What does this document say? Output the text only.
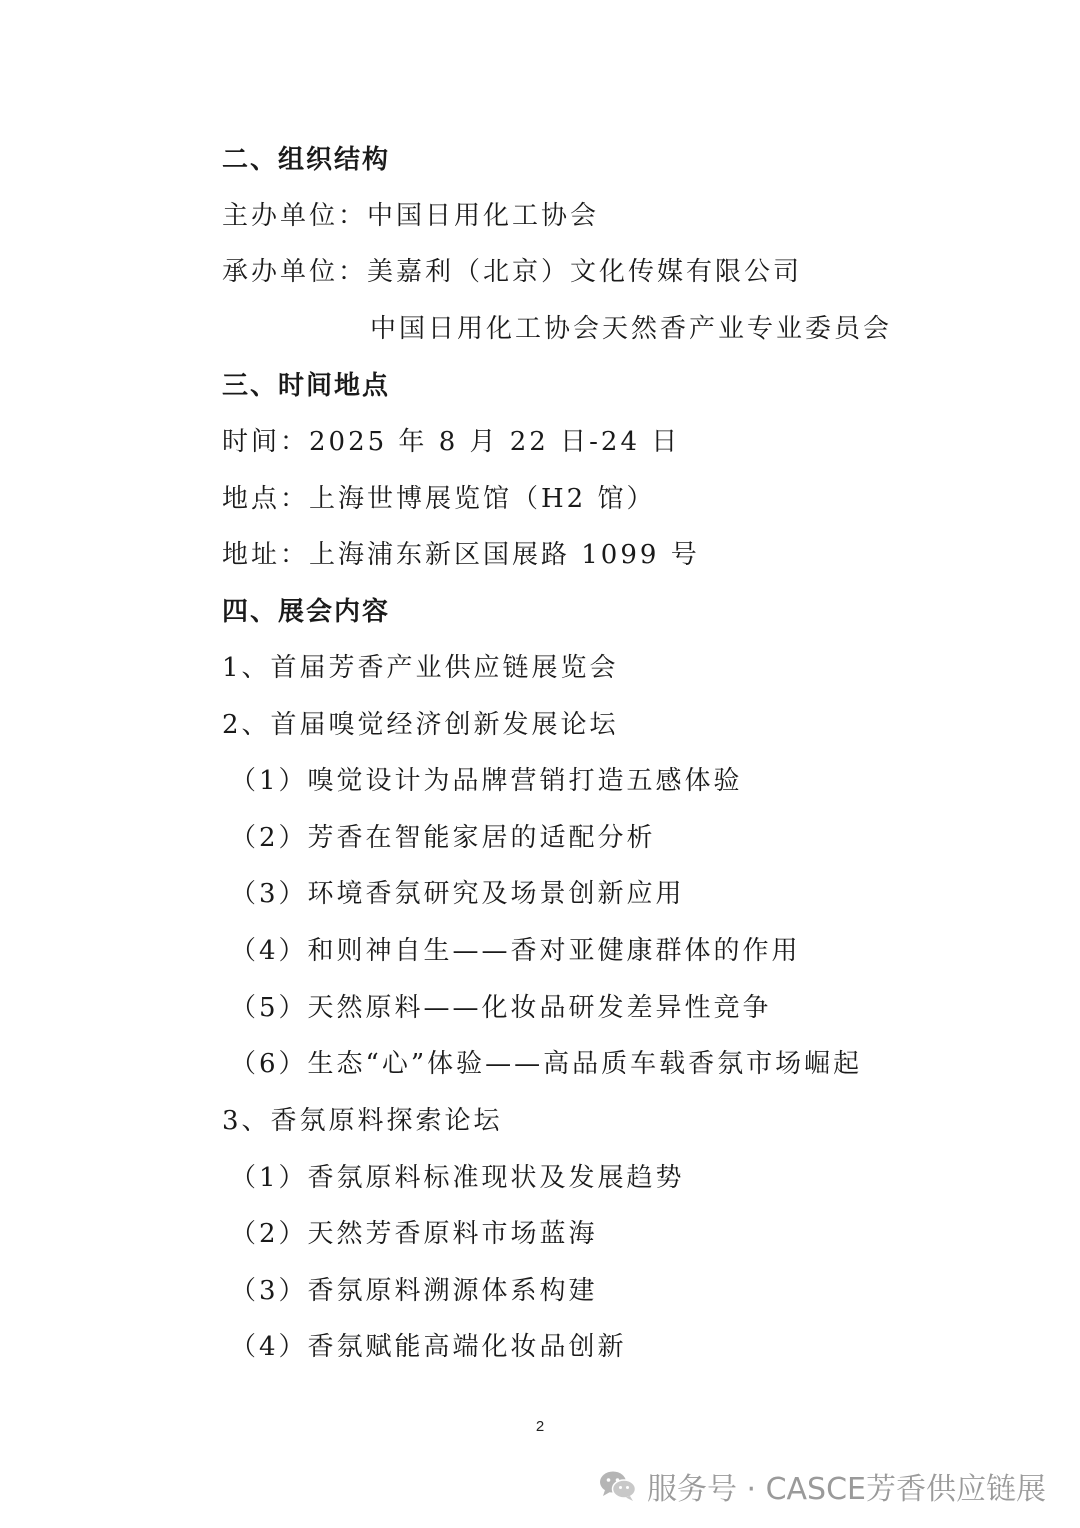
二、组织结构
主办单位：中国日用化工协会
承办单位：美嘉利（北京）文化传媒有限公司
中国日用化工协会天然香产业专业委员会
三、时间地点
时间：2025 年 8 月 22 日-24 日
地点：上海世博展览馆（H2 馆）
地址：上海浦东新区国展路 1099 号
四、展会内容
1、首届芳香产业供应链展览会
2、首届嗅觉经济创新发展论坛
（1）嗅觉设计为品牌营销打造五感体验
（2）芳香在智能家居的适配分析
（3）环境香氛研究及场景创新应用
（4）和则神自生——香对亚健康群体的作用
（5）天然原料——化妆品研发差异性竞争
（6）生态“心”体验——高品质车载香氛市场崛起
3、香氛原料探索论坛
（1）香氛原料标准现状及发展趋势
（2）天然芳香原料市场蓝海
（3）香氛原料溯源体系构建
（4）香氛赋能高端化妆品创新
2
服务号 · CASCE芳香供应链展
